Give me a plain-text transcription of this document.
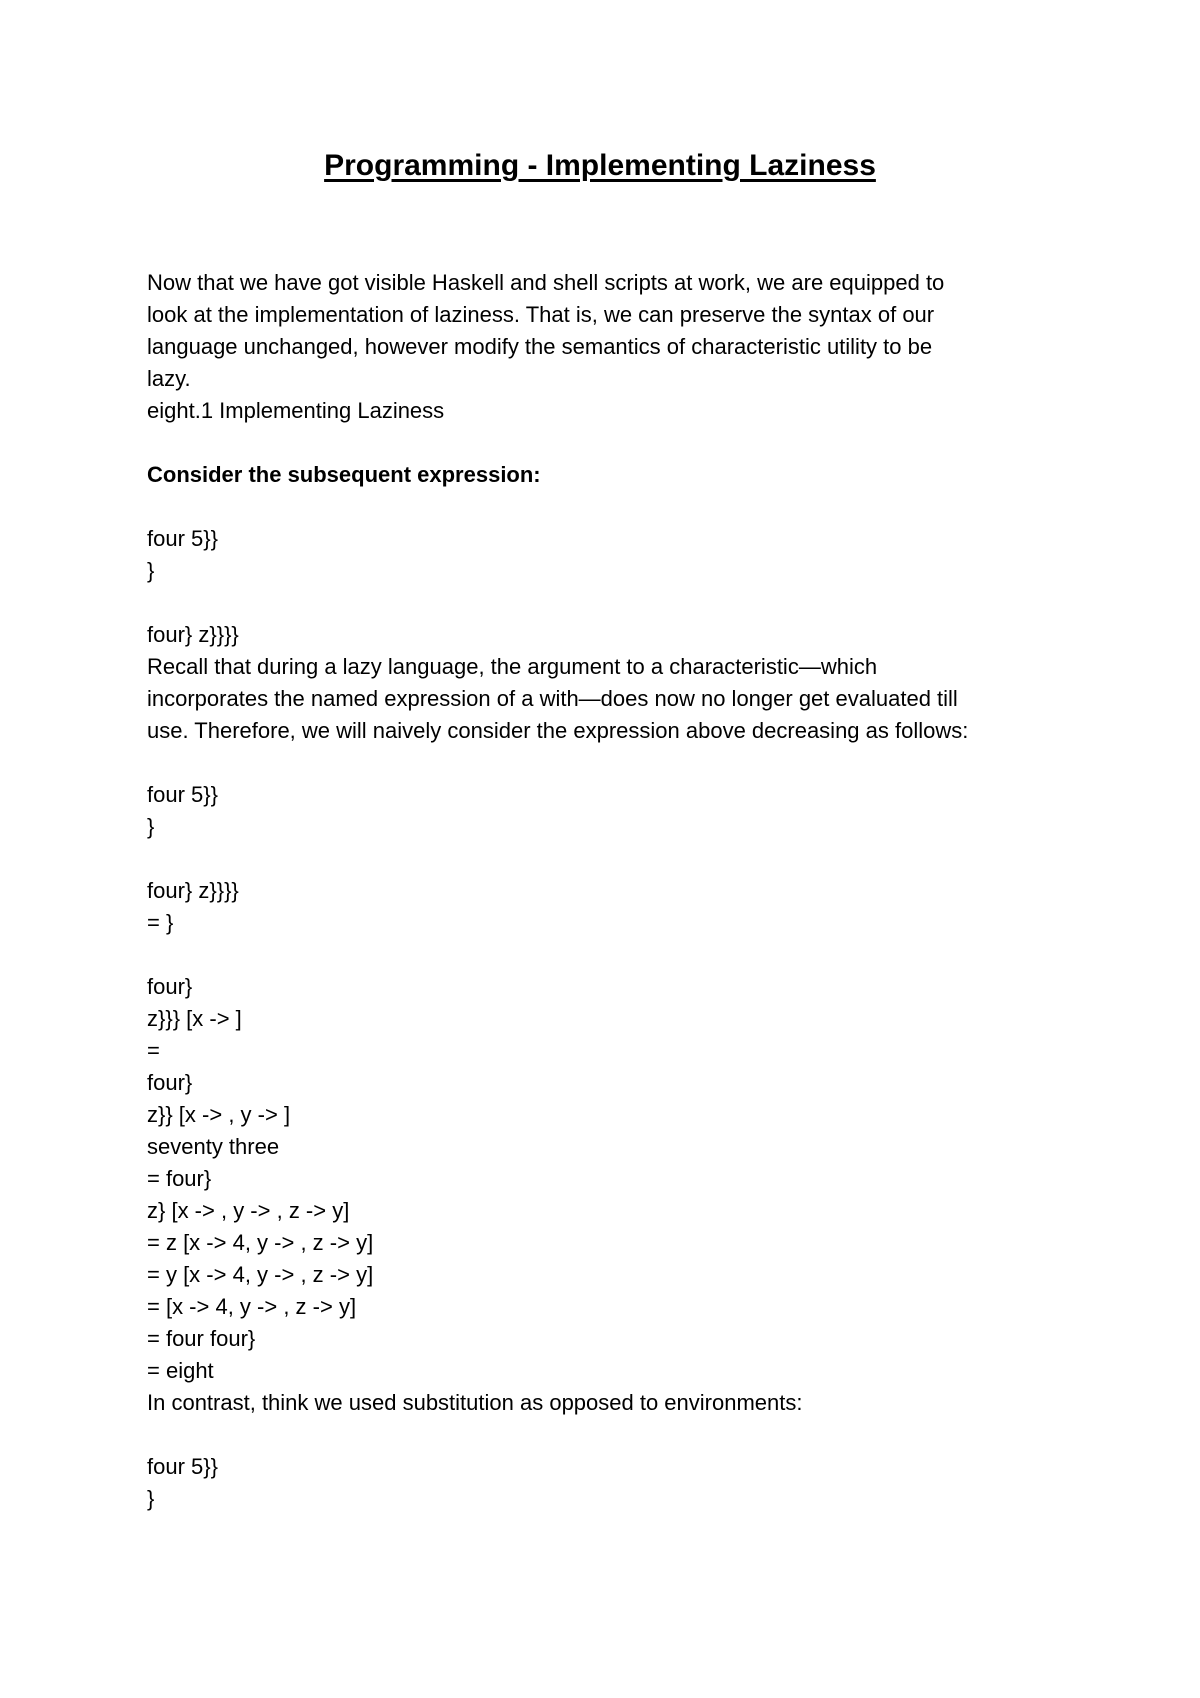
Programming - Implementing Laziness
Now that we have got visible Haskell and shell scripts at work, we are equipped to
look at the implementation of laziness. That is, we can preserve the syntax of our
language unchanged, however modify the semantics of characteristic utility to be
lazy.
eight.1 Implementing Laziness
Consider the subsequent expression:
four 5}}
}
four} z}}}}
Recall that during a lazy language, the argument to a characteristic—which
incorporates the named expression of a with—does now no longer get evaluated till
use. Therefore, we will naively consider the expression above decreasing as follows:
four 5}}
}
four} z}}}}
= }
four}
z}}} [x -> ]
=
four}
z}} [x -> , y -> ]
seventy three
= four}
z} [x -> , y -> , z -> y]
= z [x -> 4, y -> , z -> y]
= y [x -> 4, y -> , z -> y]
= [x -> 4, y -> , z -> y]
= four four}
= eight
In contrast, think we used substitution as opposed to environments:
four 5}}
}
